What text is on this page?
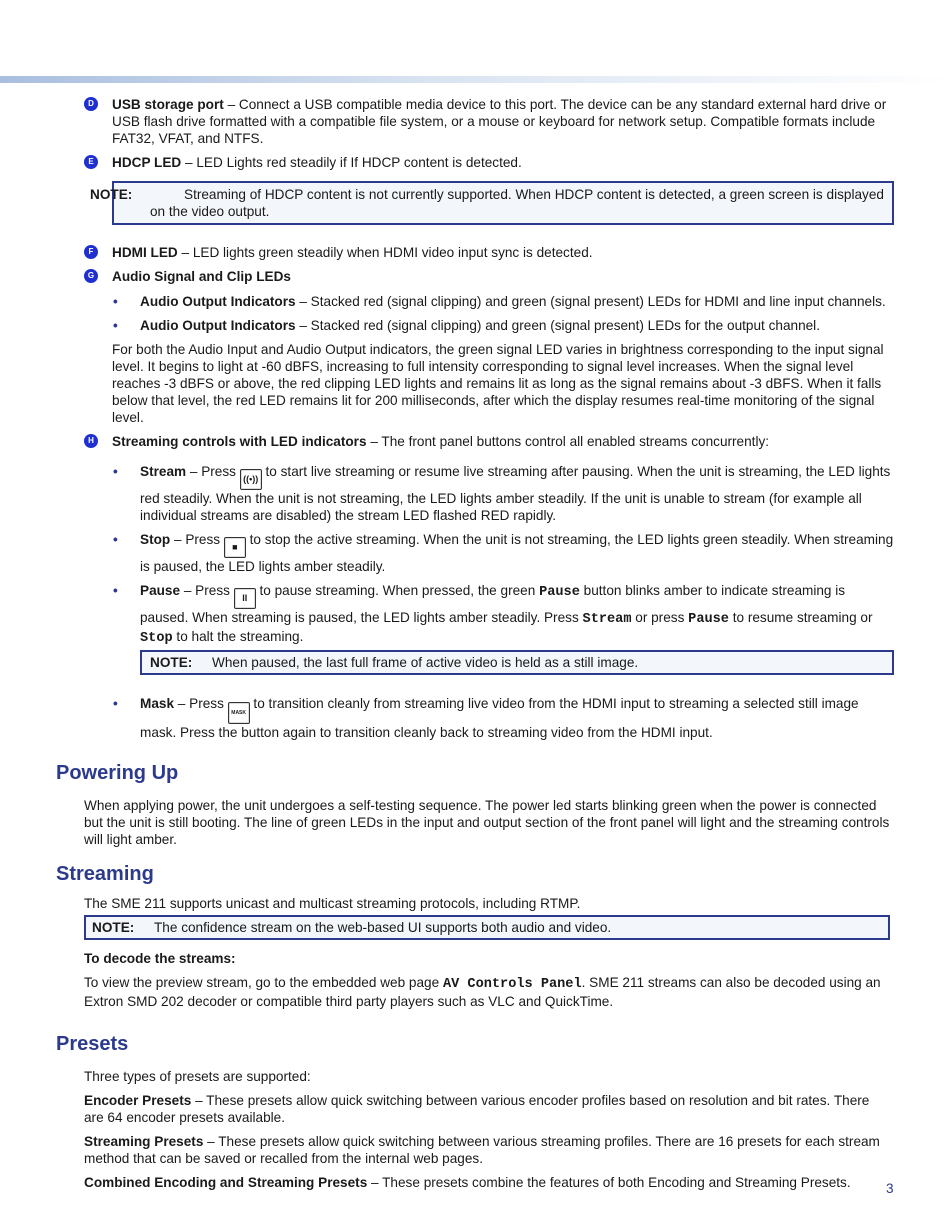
D	USB storage port – Connect a USB compatible media device to this port. The device can be any standard external hard drive or USB flash drive formatted with a compatible file system, or a mouse or keyboard for network setup. Compatible formats include FAT32, VFAT, and NTFS.
E	HDCP LED – LED Lights red steadily if If HDCP content is detected.
NOTE:	Streaming of HDCP content is not currently supported. When HDCP content is detected, a green screen is displayed on the video output.
F	HDMI LED – LED lights green steadily when HDMI video input sync is detected.
G Audio Signal and Clip LEDs
• Audio Output Indicators – Stacked red (signal clipping) and green (signal present) LEDs for HDMI and line input channels.
• Audio Output Indicators – Stacked red (signal clipping) and green (signal present) LEDs for the output channel.
For both the Audio Input and Audio Output indicators, the green signal LED varies in brightness corresponding to the input signal level. It begins to light at -60 dBFS, increasing to full intensity corresponding to signal level increases. When the signal level reaches -3 dBFS or above, the red clipping LED lights and remains lit as long as the signal remains about -3 dBFS. When it falls below that level, the red LED remains lit for 200 milliseconds, after which the display resumes real-time monitoring of the signal level.
H	Streaming controls with LED indicators – The front panel buttons control all enabled streams concurrently:
• Stream – Press ((•)) to start live streaming or resume live streaming after pausing. When the unit is streaming, the LED lights red steadily. When the unit is not streaming, the LED lights amber steadily. If the unit is unable to stream (for example all individual streams are disabled) the stream LED flashed RED rapidly.
• Stop – Press ■ to stop the active streaming. When the unit is not streaming, the LED lights green steadily. When streaming is paused, the LED lights amber steadily.
• Pause – Press II to pause streaming. When pressed, the green Pause button blinks amber to indicate streaming is paused. When streaming is paused, the LED lights amber steadily. Press Stream or press Pause to resume streaming or Stop to halt the streaming.
NOTE: When paused, the last full frame of active video is held as a still image.
• Mask – Press MASK to transition cleanly from streaming live video from the HDMI input to streaming a selected still image mask. Press the button again to transition cleanly back to streaming video from the HDMI input.
Powering Up
When applying power, the unit undergoes a self-testing sequence. The power led starts blinking green when the power is connected but the unit is still booting. The line of green LEDs in the input and output section of the front panel will light and the streaming controls will light amber.
Streaming
The SME 211 supports unicast and multicast streaming protocols, including RTMP.
NOTE: The confidence stream on the web-based UI supports both audio and video.
To decode the streams:
To view the preview stream, go to the embedded web page AV Controls Panel. SME 211 streams can also be decoded using an Extron SMD 202 decoder or compatible third party players such as VLC and QuickTime.
Presets
Three types of presets are supported:
Encoder Presets – These presets allow quick switching between various encoder profiles based on resolution and bit rates. There are 64 encoder presets available.
Streaming Presets – These presets allow quick switching between various streaming profiles. There are 16 presets for each stream method that can be saved or recalled from the internal web pages.
Combined Encoding and Streaming Presets – These presets combine the features of both Encoding and Streaming Presets.	3
